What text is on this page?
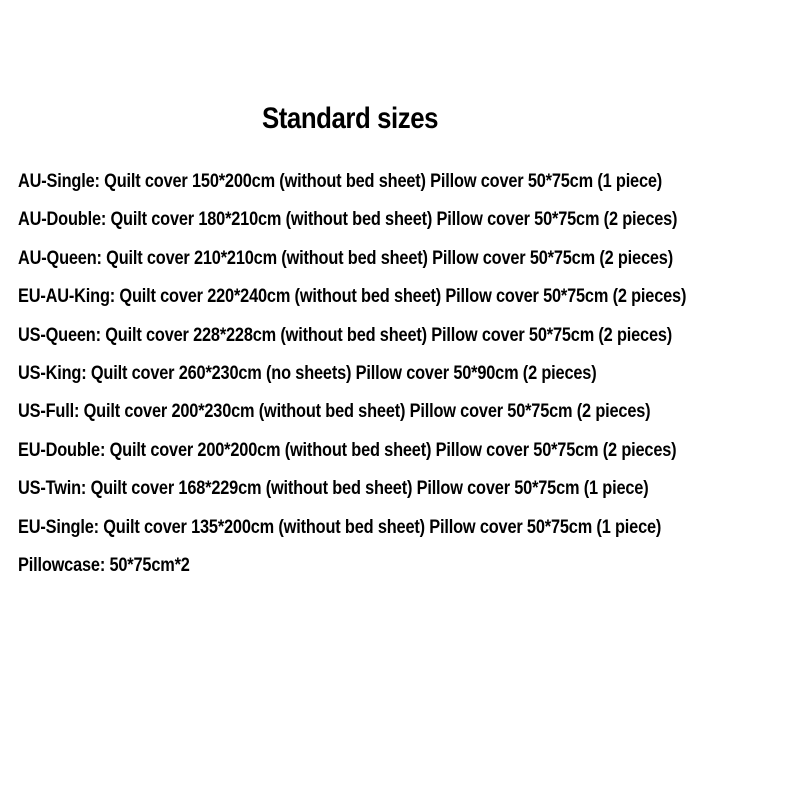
Standard sizes
AU-Single: Quilt cover 150*200cm (without bed sheet) Pillow cover 50*75cm (1 piece)
AU-Double: Quilt cover 180*210cm (without bed sheet) Pillow cover 50*75cm (2 pieces)
AU-Queen: Quilt cover 210*210cm (without bed sheet) Pillow cover 50*75cm (2 pieces)
EU-AU-King: Quilt cover 220*240cm (without bed sheet) Pillow cover 50*75cm (2 pieces)
US-Queen: Quilt cover 228*228cm (without bed sheet) Pillow cover 50*75cm (2 pieces)
US-King: Quilt cover 260*230cm (no sheets) Pillow cover 50*90cm (2 pieces)
US-Full: Quilt cover 200*230cm (without bed sheet) Pillow cover 50*75cm (2 pieces)
EU-Double: Quilt cover 200*200cm (without bed sheet) Pillow cover 50*75cm (2 pieces)
US-Twin: Quilt cover 168*229cm (without bed sheet) Pillow cover 50*75cm (1 piece)
EU-Single: Quilt cover 135*200cm (without bed sheet) Pillow cover 50*75cm (1 piece)
Pillowcase: 50*75cm*2
